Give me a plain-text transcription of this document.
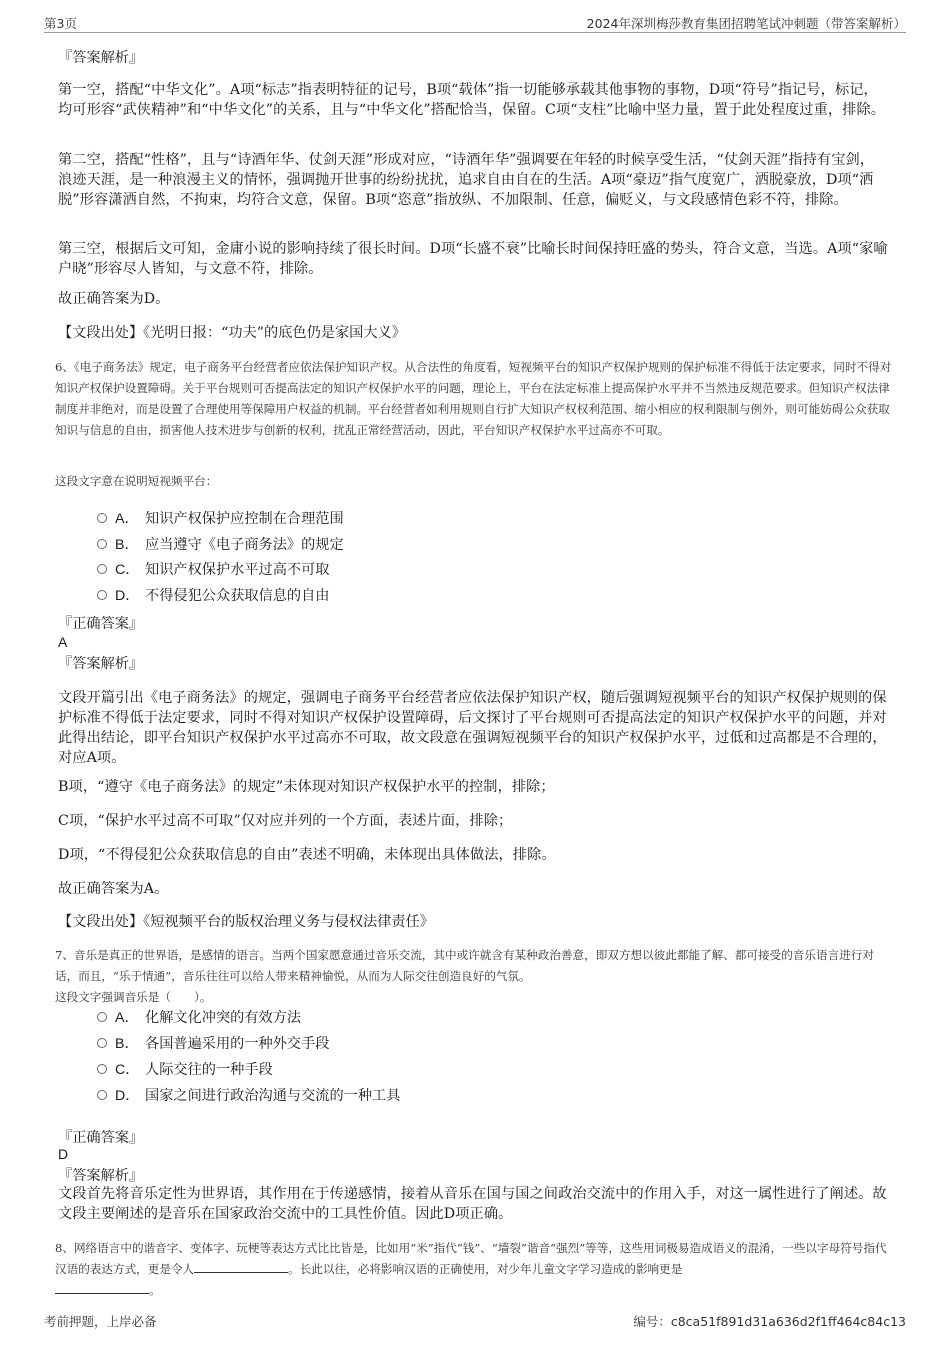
第3页	2024年深圳梅莎教育集团招聘笔试冲刺题（带答案解析）
『答案解析』
第一空，搭配“中华文化”。A项“标志”指表明特征的记号，B项“载体”指一切能够承载其他事物的事物，D项“符号”指记号，标记，均可形容“武侠精神”和“中华文化”的关系，且与“中华文化”搭配恰当，保留。C项“支柱”比喻中坚力量，置于此处程度过重，排除。
第二空，搭配“性格”，且与“诗酒年华、仗剑天涯”形成对应，“诗酒年华”强调要在年轻的时候享受生活，“仗剑天涯”指持有宝剑，浪迹天涯，是一种浪漫主义的情怀，强调抛开世事的纷纷扰扰，追求自由自在的生活。A项“豪迈”指气度宽广，洒脱豪放，D项“洒脱”形容潇洒自然，不拘束，均符合文意，保留。B项“恣意”指放纵、不加限制、任意，偏贬义，与文段感情色彩不符，排除。
第三空，根据后文可知，金庸小说的影响持续了很长时间。D项“长盛不衰”比喻长时间保持旺盛的势头，符合文意，当选。A项“家喻户晓”形容尽人皆知，与文意不符，排除。
故正确答案为D。
【文段出处】《光明日报：“功夫”的底色仍是家国大义》
6、《电子商务法》规定，电子商务平台经营者应依法保护知识产权。从合法性的角度看，短视频平台的知识产权保护规则的保护标准不得低于法定要求，同时不得对知识产权保护设置障碍。关于平台规则可否提高法定的知识产权保护水平的问题，理论上，平台在法定标准上提高保护水平并不当然违反规范要求。但知识产权法律制度并非绝对，而是设置了合理使用等保障用户权益的机制。平台经营者如利用规则自行扩大知识产权权利范围、缩小相应的权利限制与例外，则可能妨碍公众获取知识与信息的自由，损害他人技术进步与创新的权利，扰乱正常经营活动，因此，平台知识产权保护水平过高亦不可取。
这段文字意在说明短视频平台：
A． 知识产权保护应控制在合理范围
B． 应当遵守《电子商务法》的规定
C． 知识产权保护水平过高不可取
D． 不得侵犯公众获取信息的自由
『正确答案』
A
『答案解析』
文段开篇引出《电子商务法》的规定，强调电子商务平台经营者应依法保护知识产权，随后强调短视频平台的知识产权保护规则的保护标准不得低于法定要求，同时不得对知识产权保护设置障碍，后文探讨了平台规则可否提高法定的知识产权保护水平的问题，并对此得出结论，即平台知识产权保护水平过高亦不可取，故文段意在强调短视频平台的知识产权保护水平，过低和过高都是不合理的，对应A项。
B项，“遵守《电子商务法》的规定”未体现对知识产权保护水平的控制，排除；
C项，“保护水平过高不可取”仅对应并列的一个方面，表述片面，排除；
D项，“不得侵犯公众获取信息的自由”表述不明确，未体现出具体做法，排除。
故正确答案为A。
【文段出处】《短视频平台的版权治理义务与侵权法律责任》
7、音乐是真正的世界语，是感情的语言。当两个国家愿意通过音乐交流，其中或许就含有某种政治善意，即双方想以彼此都能了解、都可接受的音乐语言进行对话，而且，“乐于情通”，音乐往往可以给人带来精神愉悦，从而为人际交往创造良好的气氛。
这段文字强调音乐是（　　）。
A． 化解文化冲突的有效方法
B． 各国普遍采用的一种外交手段
C． 人际交往的一种手段
D． 国家之间进行政治沟通与交流的一种工具
『正确答案』
D
『答案解析』
文段首先将音乐定性为世界语，其作用在于传递感情，接着从音乐在国与国之间政治交流中的作用入手，对这一属性进行了阐述。故文段主要阐述的是音乐在国家政治交流中的工具性价值。因此D项正确。
8、网络语言中的谐音字、变体字、玩梗等表达方式比比皆是，比如用“米”指代“钱”、“墙裂”谐音“强烈”等等，这些用词极易造成语义的混淆，一些以字母符号指代汉语的表达方式，更是令人	。长此以往，必将影响汉语的正确使用，对少年儿童文字学习造成的影响更是
。
考前押题，上岸必备	编号：c8ca51f891d31a636d2f1ff464c84c13
